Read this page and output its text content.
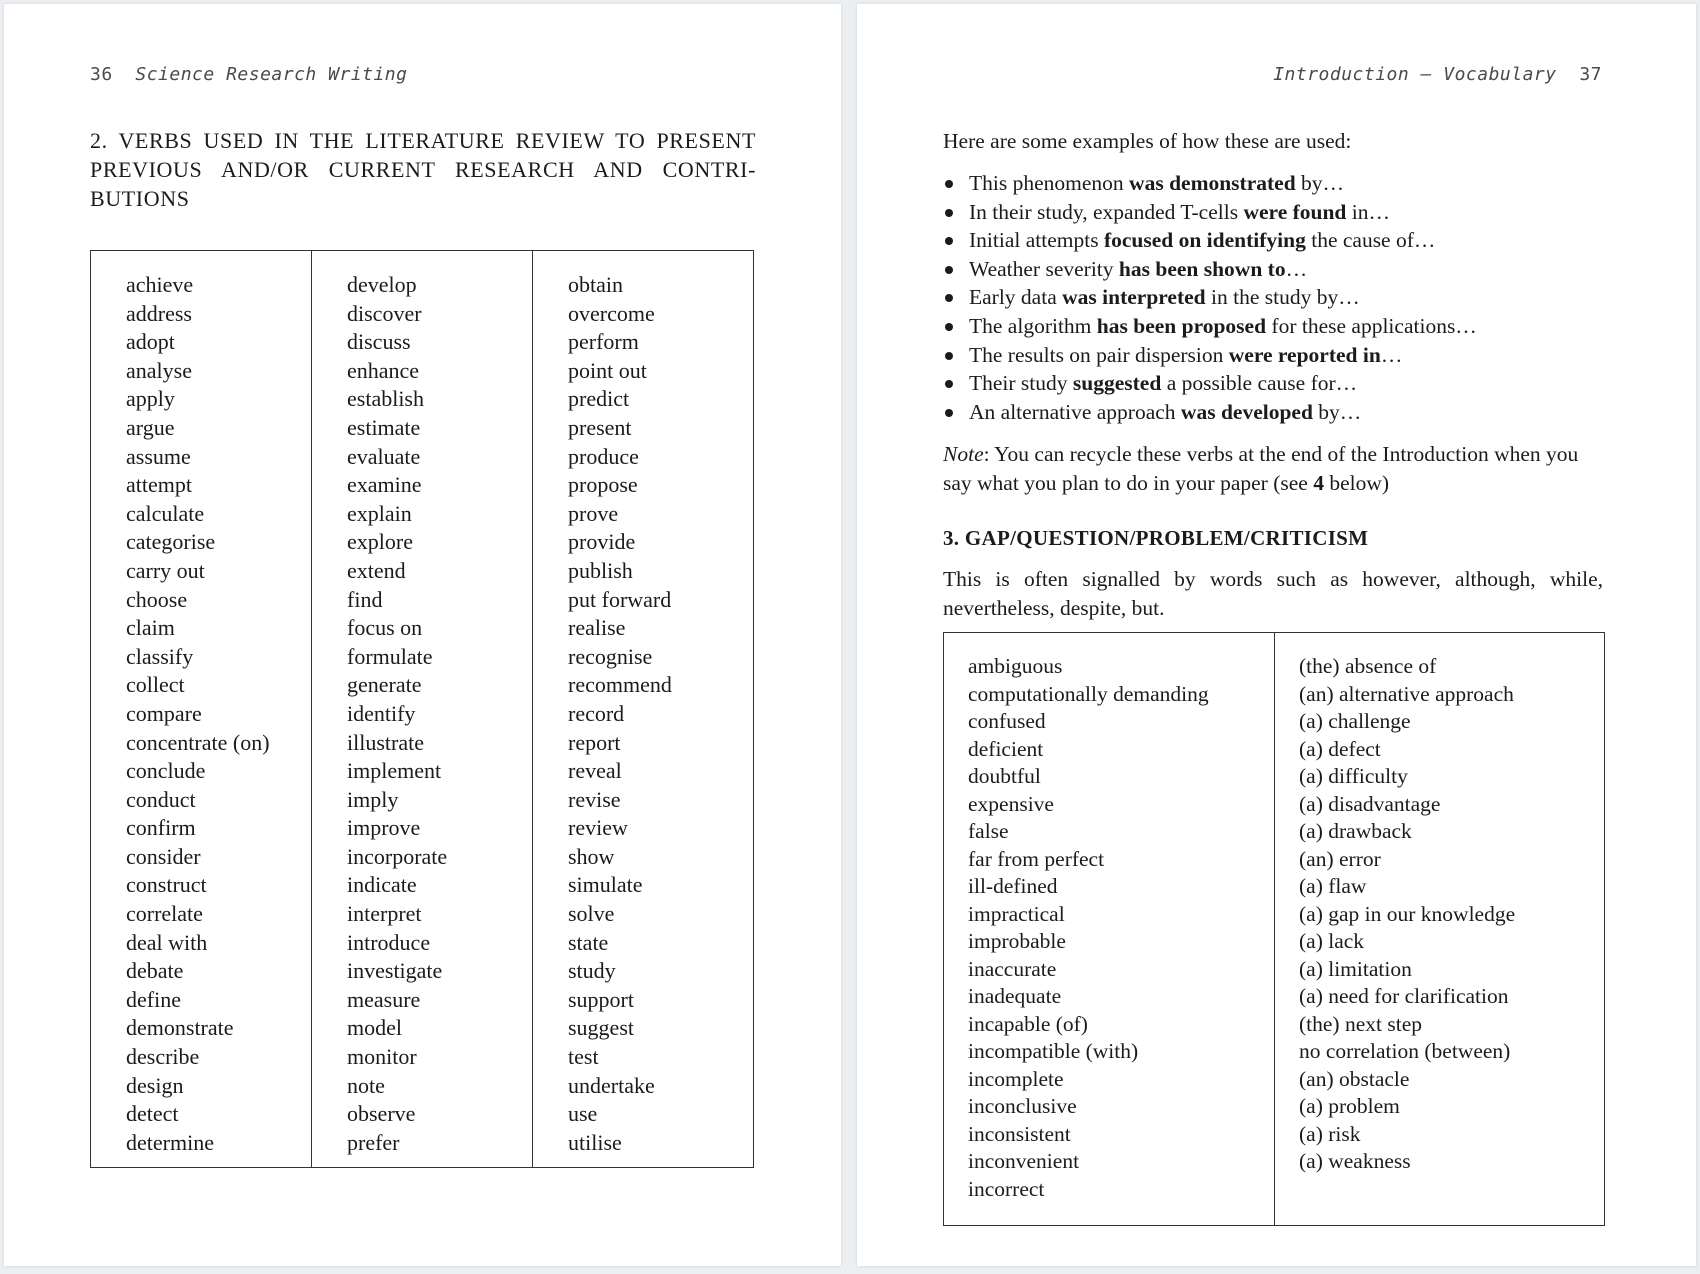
36 Science Research Writing
2. VERBS USED IN THE LITERATURE REVIEW TO PRESENT PREVIOUS AND/OR CURRENT RESEARCH AND CONTRI-BUTIONS
achieve
address
adopt
analyse
apply
argue
assume
attempt
calculate
categorise
carry out
choose
claim
classify
collect
compare
concentrate (on)
conclude
conduct
confirm
consider
construct
correlate
deal with
debate
define
demonstrate
describe
design
detect
determine
develop
discover
discuss
enhance
establish
estimate
evaluate
examine
explain
explore
extend
find
focus on
formulate
generate
identify
illustrate
implement
imply
improve
incorporate
indicate
interpret
introduce
investigate
measure
model
monitor
note
observe
prefer
obtain
overcome
perform
point out
predict
present
produce
propose
prove
provide
publish
put forward
realise
recognise
recommend
record
report
reveal
revise
review
show
simulate
solve
state
study
support
suggest
test
undertake
use
utilise
Introduction — Vocabulary 37
Here are some examples of how these are used:
This phenomenon was demonstrated by…
In their study, expanded T-cells were found in…
Initial attempts focused on identifying the cause of…
Weather severity has been shown to…
Early data was interpreted in the study by…
The algorithm has been proposed for these applications…
The results on pair dispersion were reported in…
Their study suggested a possible cause for…
An alternative approach was developed by…
Note: You can recycle these verbs at the end of the Introduction when you say what you plan to do in your paper (see 4 below)
3. GAP/QUESTION/PROBLEM/CRITICISM
This is often signalled by words such as however, although, while, nevertheless, despite, but.
ambiguous
computationally demanding
confused
deficient
doubtful
expensive
false
far from perfect
ill-defined
impractical
improbable
inaccurate
inadequate
incapable (of)
incompatible (with)
incomplete
inconclusive
inconsistent
inconvenient
incorrect
(the) absence of
(an) alternative approach
(a) challenge
(a) defect
(a) difficulty
(a) disadvantage
(a) drawback
(an) error
(a) flaw
(a) gap in our knowledge
(a) lack
(a) limitation
(a) need for clarification
(the) next step
no correlation (between)
(an) obstacle
(a) problem
(a) risk
(a) weakness
